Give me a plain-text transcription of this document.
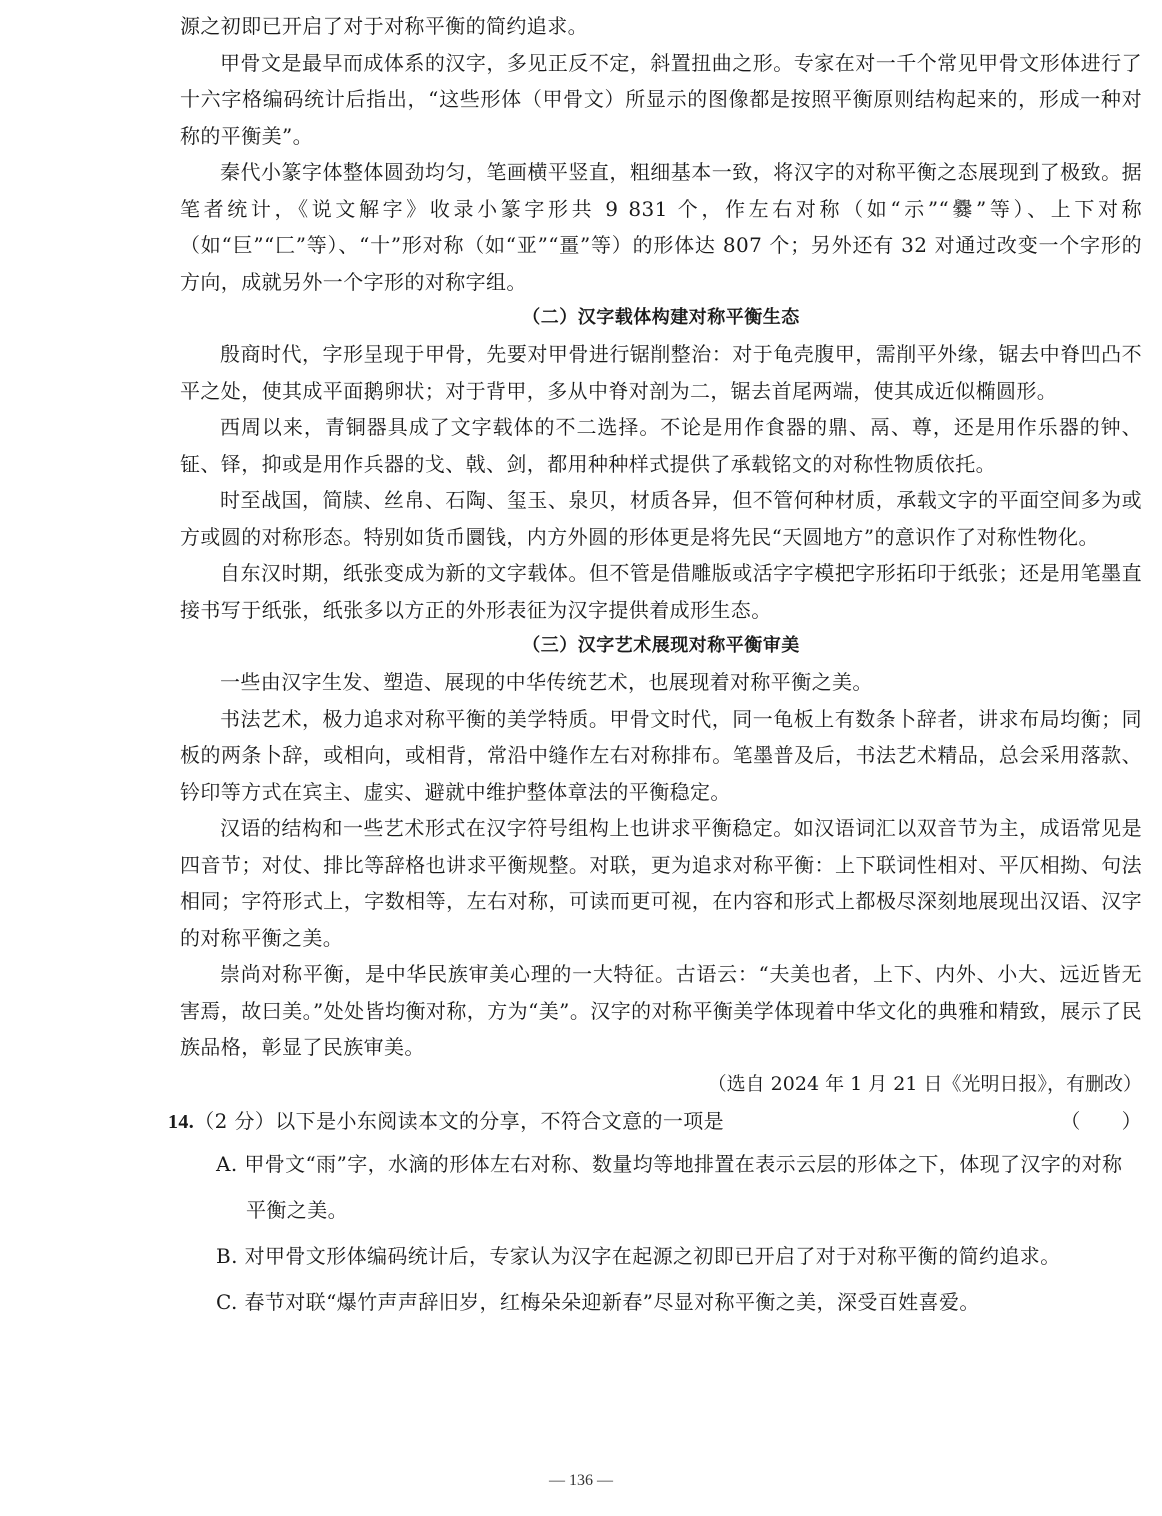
源之初即已开启了对于对称平衡的简约追求。

甲骨文是最早而成体系的汉字，多见正反不定，斜置扭曲之形。专家在对一千个常见甲骨文形体进行了十六字格编码统计后指出，“这些形体（甲骨文）所显示的图像都是按照平衡原则结构起来的，形成一种对称的平衡美”。

秦代小篆字体整体圆劲均匀，笔画横平竖直，粗细基本一致，将汉字的对称平衡之态展现到了极致。据笔者统计，《说文解字》收录小篆字形共 9 831 个，作左右对称（如“示”“爨”等）、上下对称（如“巨”“匚”等）、“十”形对称（如“亚”“畺”等）的形体达 807 个；另外还有 32 对通过改变一个字形的方向，成就另外一个字形的对称字组。

（二）汉字载体构建对称平衡生态

殷商时代，字形呈现于甲骨，先要对甲骨进行锯削整治：对于龟壳腹甲，需削平外缘，锯去中脊凹凸不平之处，使其成平面鹅卵状；对于背甲，多从中脊对剖为二，锯去首尾两端，使其成近似椭圆形。

西周以来，青铜器具成了文字载体的不二选择。不论是用作食器的鼎、鬲、尊，还是用作乐器的钟、钲、铎，抑或是用作兵器的戈、戟、剑，都用种种样式提供了承载铭文的对称性物质依托。

时至战国，简牍、丝帛、石陶、玺玉、泉贝，材质各异，但不管何种材质，承载文字的平面空间多为或方或圆的对称形态。特别如货币圜钱，内方外圆的形体更是将先民“天圆地方”的意识作了对称性物化。

自东汉时期，纸张变成为新的文字载体。但不管是借雕版或活字字模把字形拓印于纸张；还是用笔墨直接书写于纸张，纸张多以方正的外形表征为汉字提供着成形生态。

（三）汉字艺术展现对称平衡审美

一些由汉字生发、塑造、展现的中华传统艺术，也展现着对称平衡之美。

书法艺术，极力追求对称平衡的美学特质。甲骨文时代，同一龟板上有数条卜辞者，讲求布局均衡；同板的两条卜辞，或相向，或相背，常沿中缝作左右对称排布。笔墨普及后，书法艺术精品，总会采用落款、钤印等方式在宾主、虚实、避就中维护整体章法的平衡稳定。

汉语的结构和一些艺术形式在汉字符号组构上也讲求平衡稳定。如汉语词汇以双音节为主，成语常见是四音节；对仗、排比等辞格也讲求平衡规整。对联，更为追求对称平衡：上下联词性相对、平仄相拗、句法相同；字符形式上，字数相等，左右对称，可读而更可视，在内容和形式上都极尽深刻地展现出汉语、汉字的对称平衡之美。

崇尚对称平衡，是中华民族审美心理的一大特征。古语云：“夫美也者，上下、内外、小大、远近皆无害焉，故曰美。”处处皆均衡对称，方为“美”。汉字的对称平衡美学体现着中华文化的典雅和精致，展示了民族品格，彰显了民族审美。

（选自 2024 年 1 月 21 日《光明日报》，有删改）

14.（2 分）以下是小东阅读本文的分享，不符合文意的一项是	（　　）

A. 甲骨文“雨”字，水滴的形体左右对称、数量均等地排置在表示云层的形体之下，体现了汉字的对称平衡之美。

B. 对甲骨文形体编码统计后，专家认为汉字在起源之初即已开启了对于对称平衡的简约追求。

C. 春节对联“爆竹声声辞旧岁，红梅朵朵迎新春”尽显对称平衡之美，深受百姓喜爱。

— 136 —
